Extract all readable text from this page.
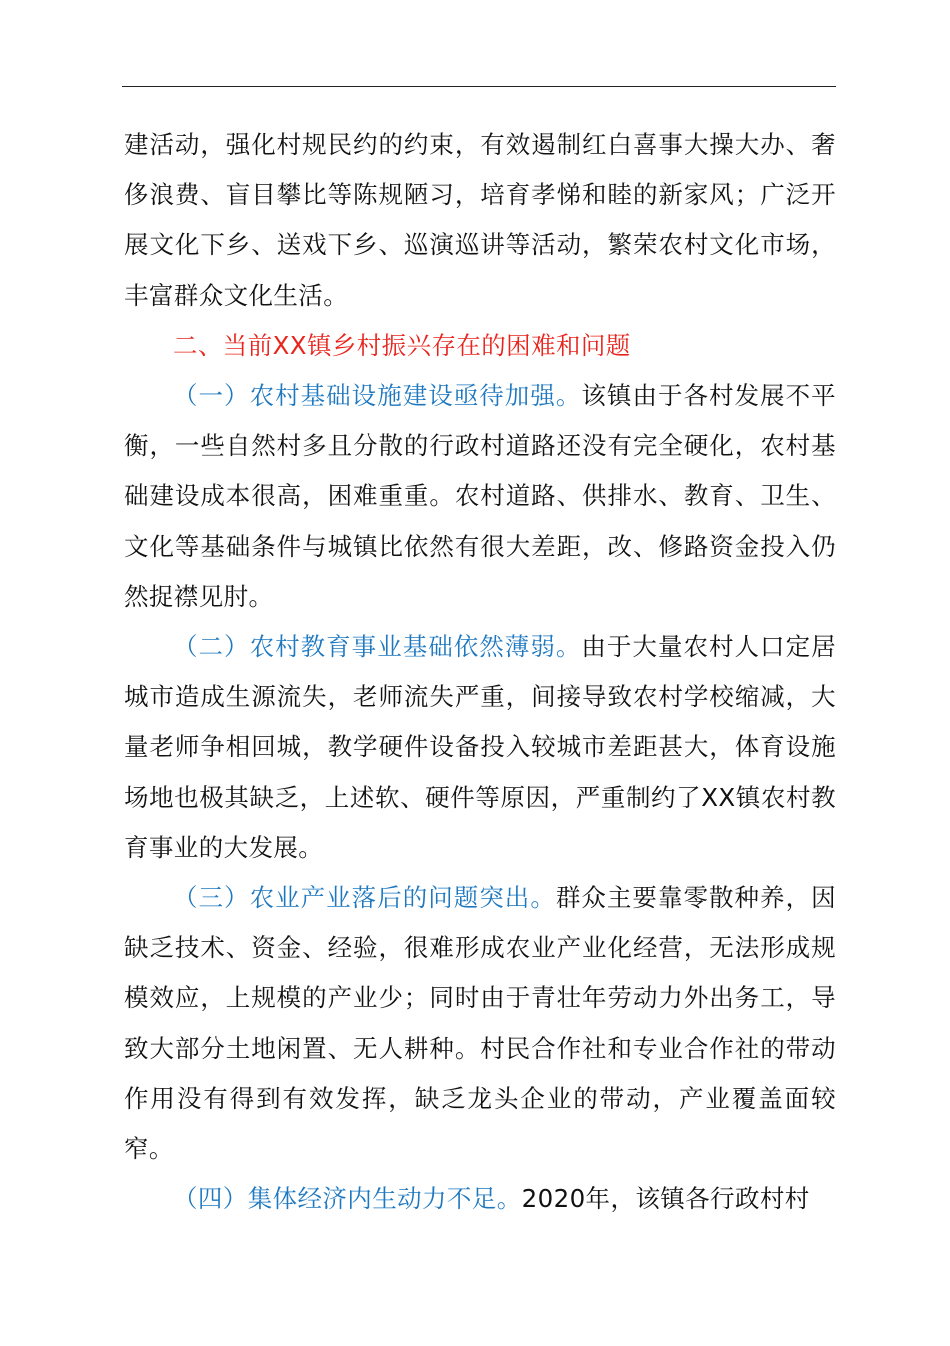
建活动，强化村规民约的约束，有效遏制红白喜事大操大办、奢侈浪费、盲目攀比等陈规陋习，培育孝悌和睦的新家风；广泛开展文化下乡、送戏下乡、巡演巡讲等活动，繁荣农村文化市场，丰富群众文化生活。

二、当前XX镇乡村振兴存在的困难和问题

（一）农村基础设施建设亟待加强。该镇由于各村发展不平衡，一些自然村多且分散的行政村道路还没有完全硬化，农村基础建设成本很高，困难重重。农村道路、供排水、教育、卫生、文化等基础条件与城镇比依然有很大差距，改、修路资金投入仍然捉襟见肘。

（二）农村教育事业基础依然薄弱。由于大量农村人口定居城市造成生源流失，老师流失严重，间接导致农村学校缩减，大量老师争相回城，教学硬件设备投入较城市差距甚大，体育设施场地也极其缺乏，上述软、硬件等原因，严重制约了XX镇农村教育事业的大发展。

（三）农业产业落后的问题突出。群众主要靠零散种养，因缺乏技术、资金、经验，很难形成农业产业化经营，无法形成规模效应，上规模的产业少；同时由于青壮年劳动力外出务工，导致大部分土地闲置、无人耕种。村民合作社和专业合作社的带动作用没有得到有效发挥，缺乏龙头企业的带动，产业覆盖面较窄。

（四）集体经济内生动力不足。2020年，该镇各行政村村
